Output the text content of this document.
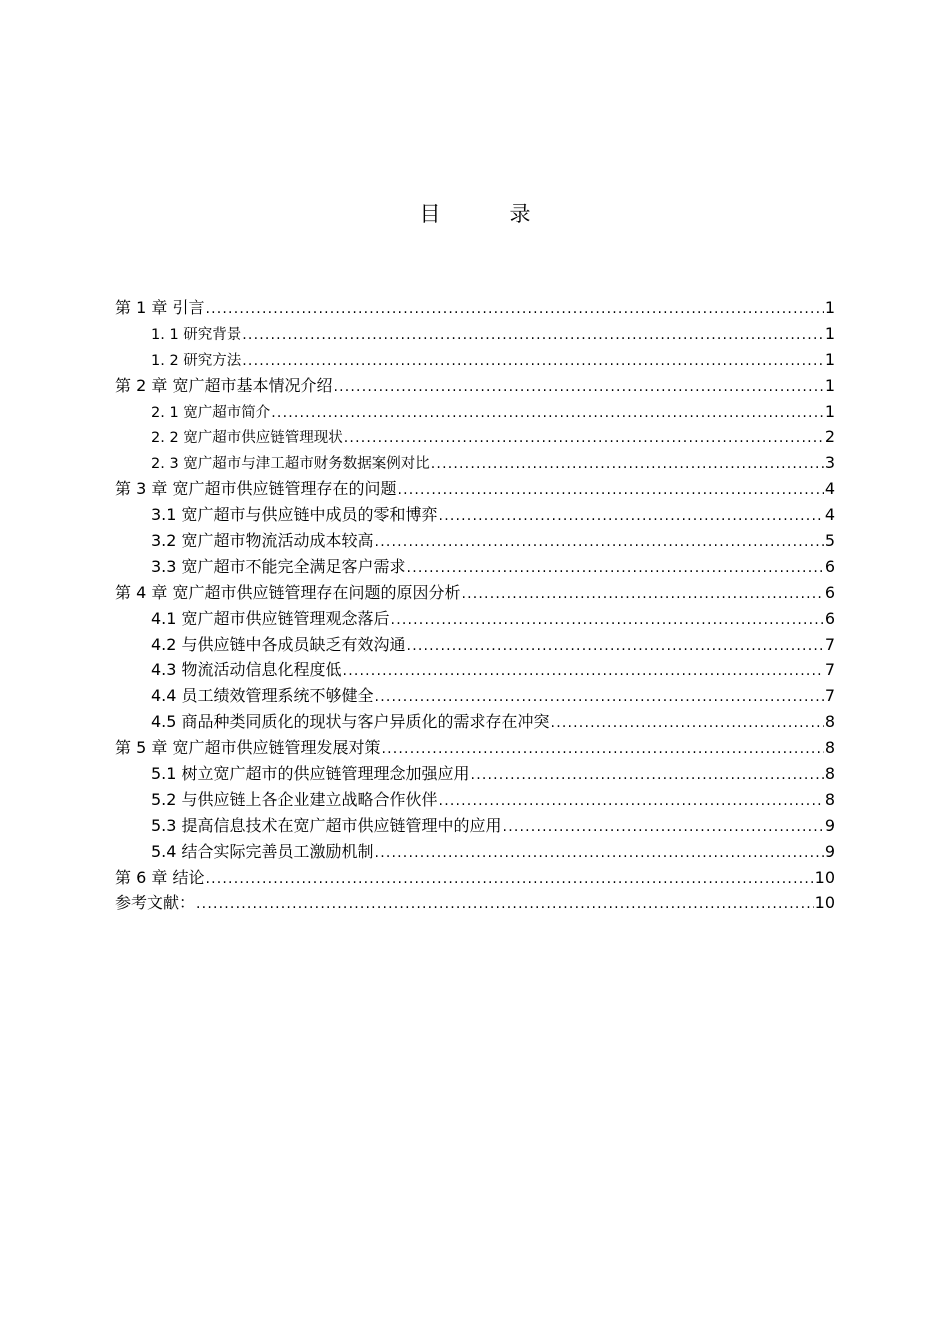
目　录
第 1 章 引言 .....	1
1. 1 研究背景 .....	1
1. 2 研究方法 .....	1
第 2 章 宽广超市基本情况介绍 .....	1
2. 1 宽广超市简介 .....	1
2. 2 宽广超市供应链管理现状 .....	2
2. 3 宽广超市与津工超市财务数据案例对比 .....	3
第 3 章 宽广超市供应链管理存在的问题 .....	4
3.1 宽广超市与供应链中成员的零和博弈 .....	4
3.2 宽广超市物流活动成本较高 .....	5
3.3 宽广超市不能完全满足客户需求 .....	6
第 4 章 宽广超市供应链管理存在问题的原因分析 .....	6
4.1 宽广超市供应链管理观念落后 .....	6
4.2 与供应链中各成员缺乏有效沟通 .....	7
4.3 物流活动信息化程度低 .....	7
4.4 员工绩效管理系统不够健全 .....	7
4.5 商品种类同质化的现状与客户异质化的需求存在冲突 .....	8
第 5 章 宽广超市供应链管理发展对策 .....	8
5.1 树立宽广超市的供应链管理理念加强应用 .....	8
5.2 与供应链上各企业建立战略合作伙伴 .....	8
5.3 提高信息技术在宽广超市供应链管理中的应用 .....	9
5.4 结合实际完善员工激励机制 .....	9
第 6 章 结论 .....	10
参考文献： .....	10
